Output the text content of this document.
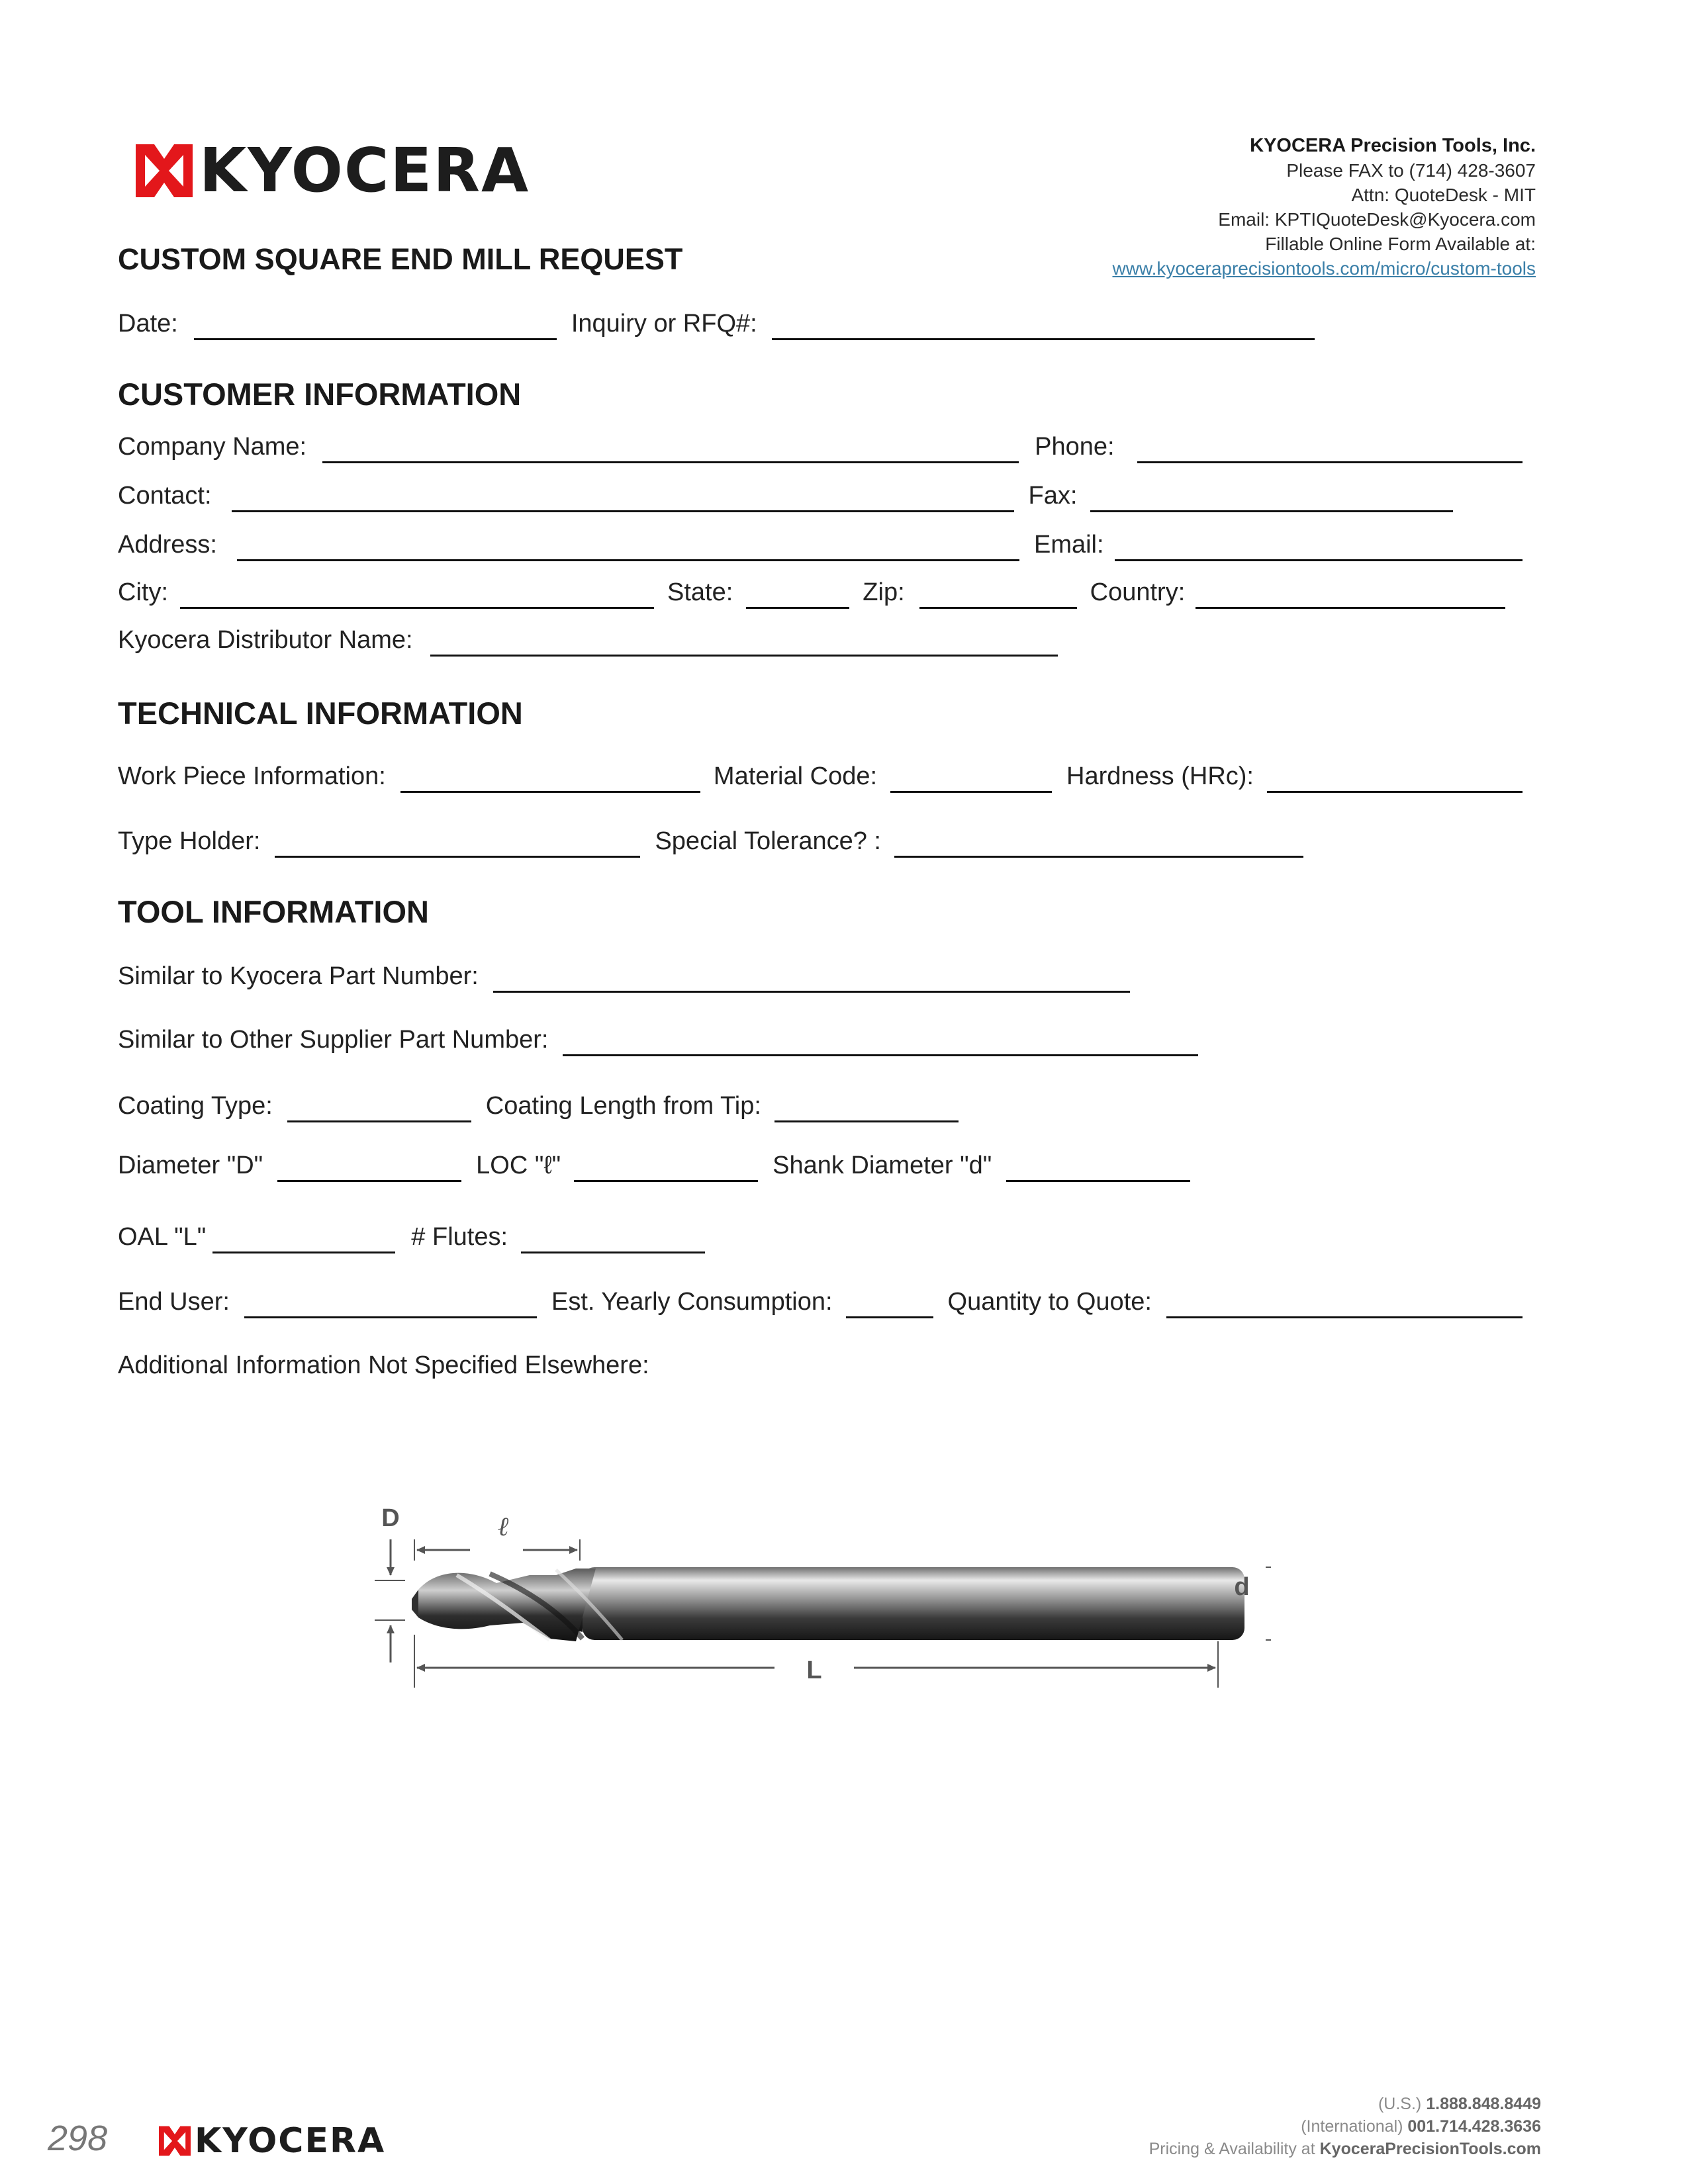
KYOCERA	KYOCERA Precision Tools, Inc.
Please FAX to (714) 428-3607
Attn: QuoteDesk - MIT
Email: KPTIQuoteDesk@Kyocera.com
Fillable Online Form Available at:
www.kyoceraprecisiontools.com/micro/custom-tools
CUSTOM SQUARE END MILL REQUEST
Date:	Inquiry or RFQ#:
CUSTOMER INFORMATION
Company Name:	Phone:
Contact:	Fax:
Address:	Email:
City:	State:	Zip:	Country:
Kyocera Distributor Name:
TECHNICAL INFORMATION
Work Piece Information:	Material Code:	Hardness (HRc):
Type Holder:	Special Tolerance? :
TOOL INFORMATION
Similar to Kyocera Part Number:
Similar to Other Supplier Part Number:
Coating Type:	Coating Length from Tip:
Diameter "D"	LOC "ℓ"	Shank Diameter "d"
OAL "L"	# Flutes:
End User:	Est. Yearly Consumption:	Quantity to Quote:
Additional Information Not Specified Elsewhere:
D	ℓ
d
L
298	KYOCERA
(U.S.) 1.888.848.8449
(International) 001.714.428.3636
Pricing & Availability at KyoceraPrecisionTools.com
